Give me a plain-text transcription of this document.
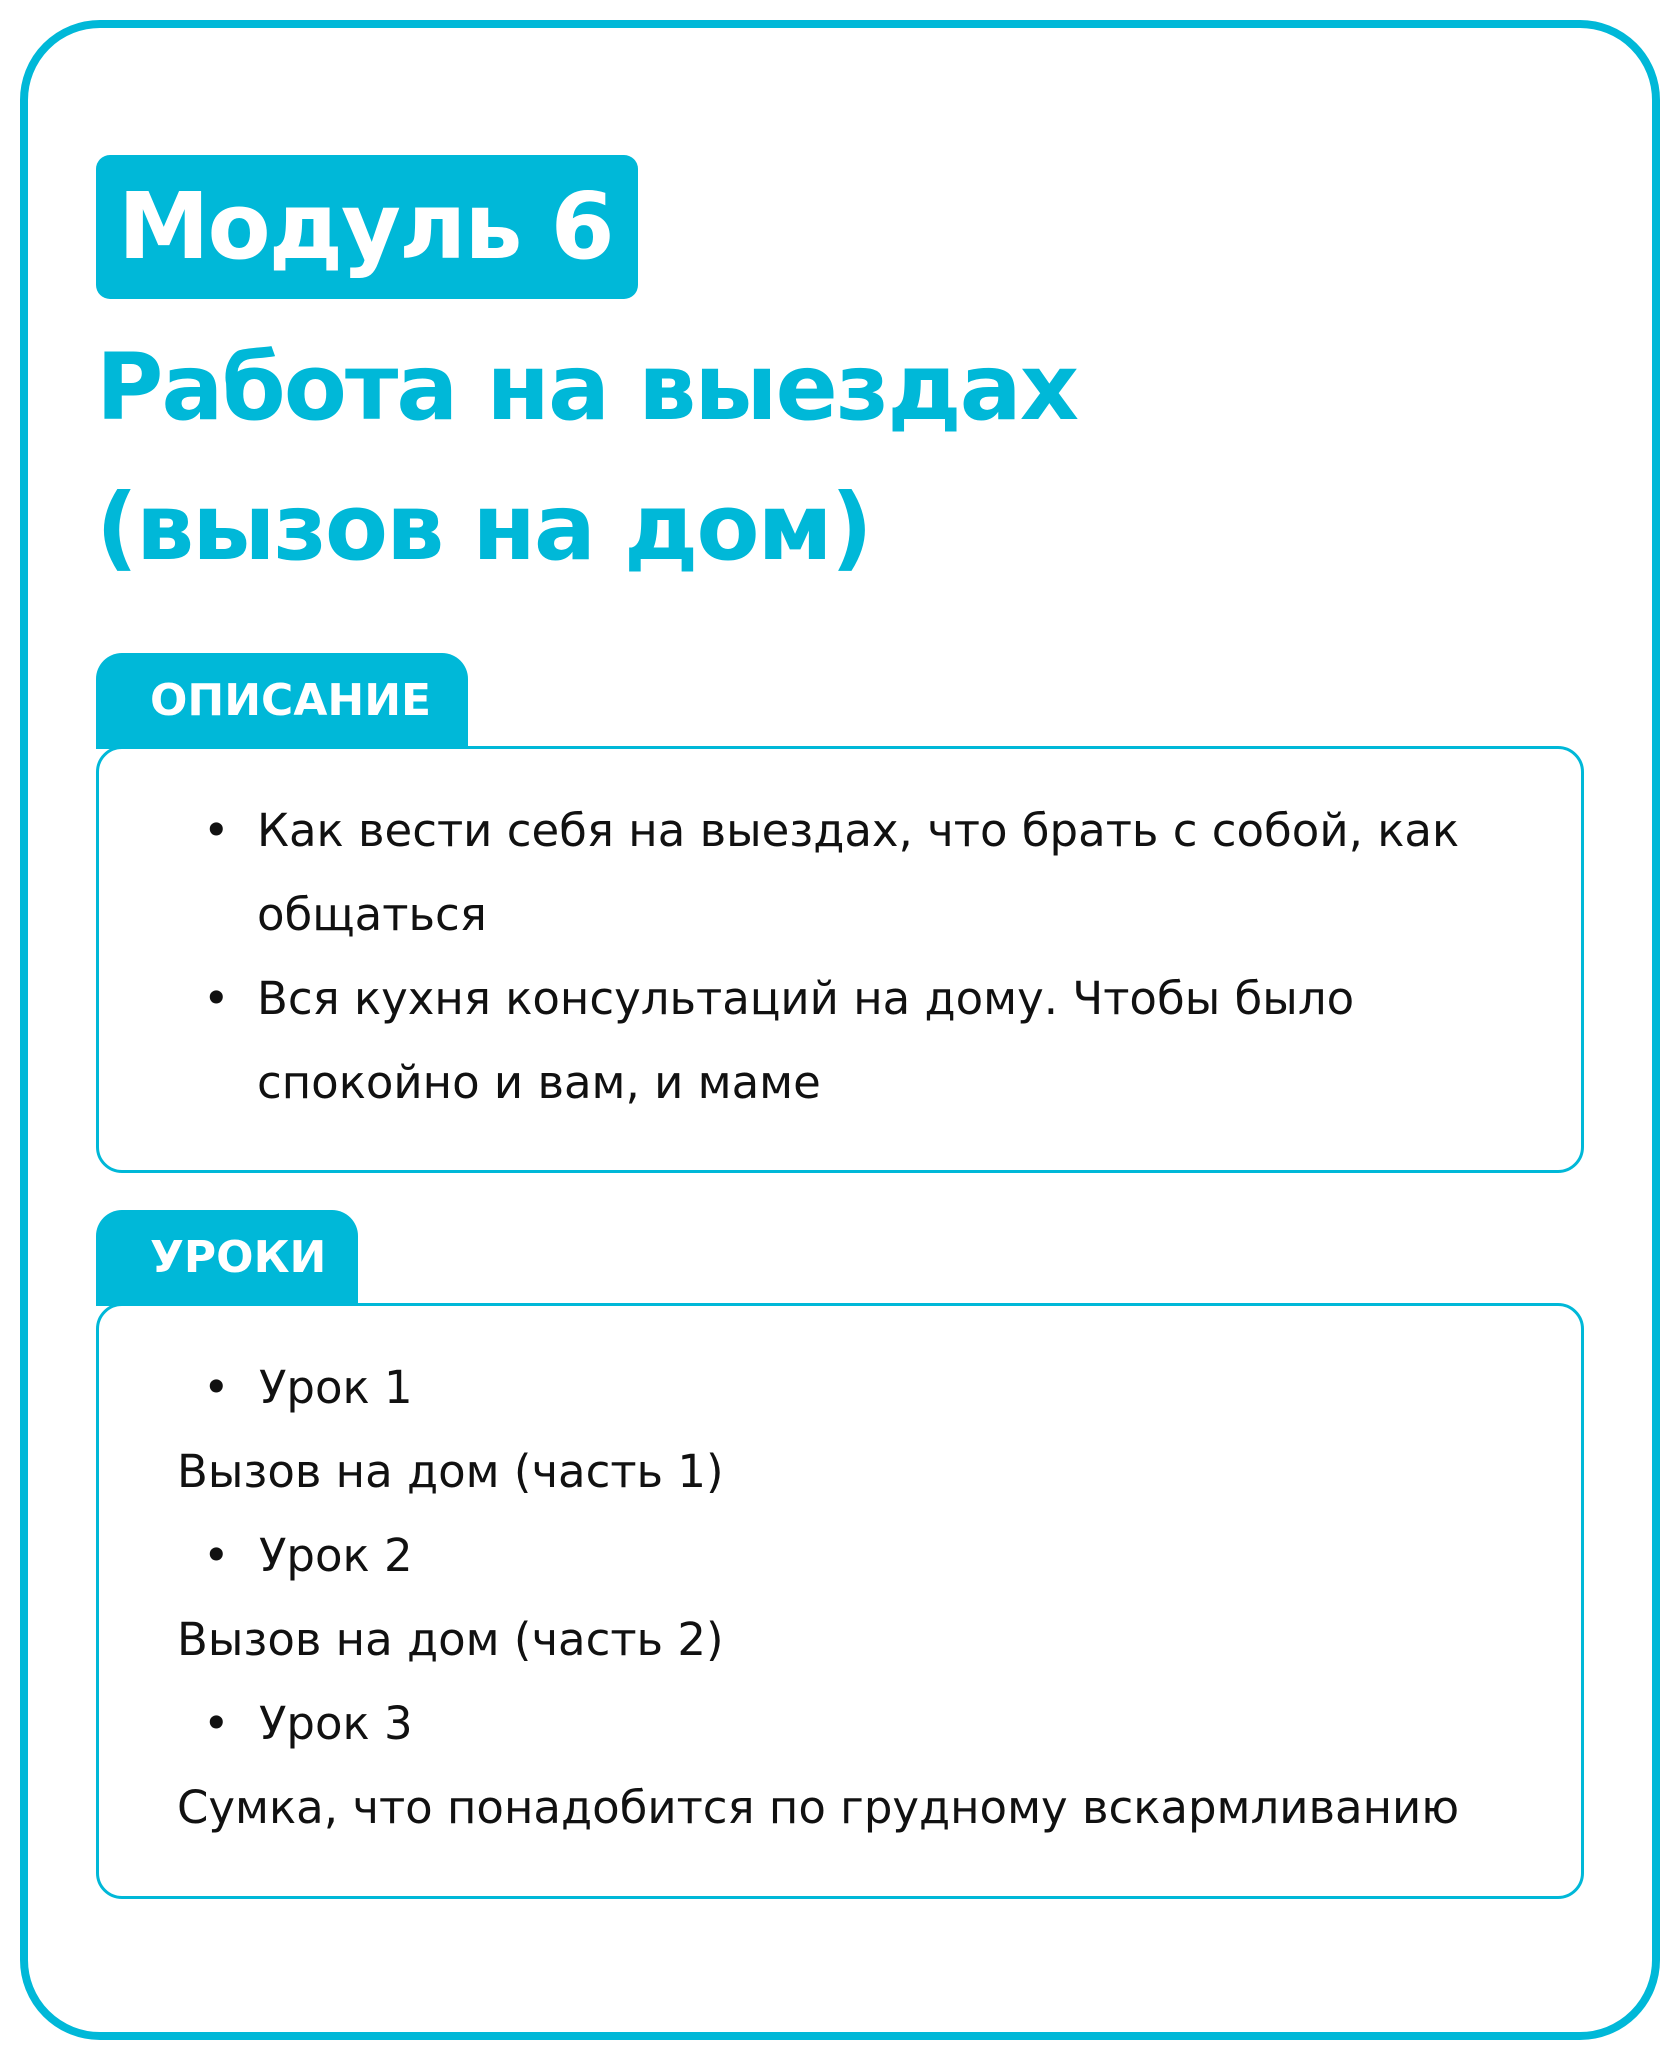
Модуль 6
Работа на выездах
(вызов на дом)
ОПИСАНИЕ
• Как вести себя на выездах, что брать с собой, как общаться
• Вся кухня консультаций на дому. Чтобы было спокойно и вам, и маме
УРОКИ
• Урок 1
Вызов на дом (часть 1)
• Урок 2
Вызов на дом (часть 2)
• Урок 3
Сумка, что понадобится по грудному вскармливанию
